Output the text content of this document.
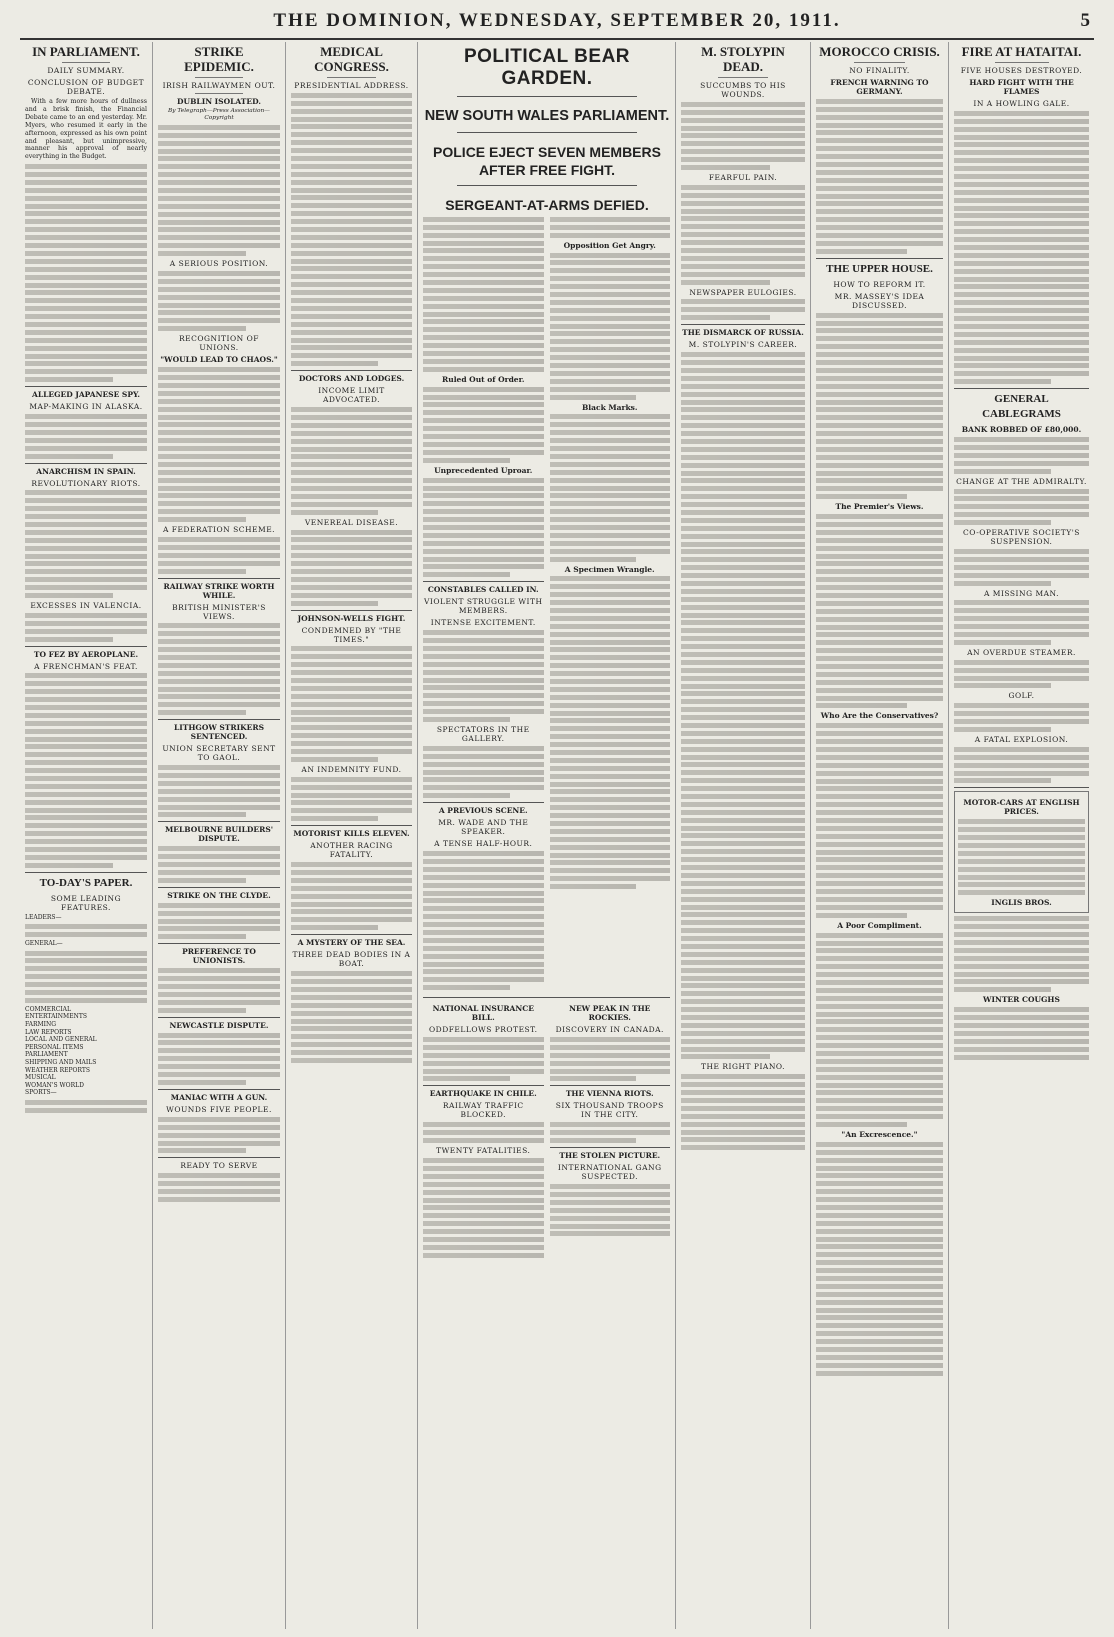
THE DOMINION, WEDNESDAY, SEPTEMBER 20, 1911.	5
IN PARLIAMENT.
DAILY SUMMARY.
CONCLUSION OF BUDGET DEBATE.

With a few more hours of dullness and a brisk finish, the Financial Debate came to an end yesterday. Mr. Myers, who resumed it early in the afternoon, expressed as his own point and pleasant, but unimpressive, manner his approval of nearly everything in the Budget.

ALLEGED JAPANESE SPY.
MAP-MAKING IN ALASKA.
ANARCHISM IN SPAIN.
REVOLUTIONARY RIOTS.
EXCESSES IN VALENCIA.
TO FEZ BY AEROPLANE.
A FRENCHMAN'S FEAT.
TO-DAY'S PAPER.
SOME LEADING FEATURES.
LEADERS—
GENERAL—
COMMERCIAL
ENTERTAINMENTS
FARMING
LAW REPORTS
LOCAL AND GENERAL
PERSONAL ITEMS
PARLIAMENT
SHIPPING AND MAILS
WEATHER REPORTS
MUSICAL
WOMAN'S WORLD
SPORTS—
STRIKE EPIDEMIC.
IRISH RAILWAYMEN OUT.
DUBLIN ISOLATED.
By Telegraph—Press Association—Copyright
A SERIOUS POSITION.
RECOGNITION OF UNIONS.
"WOULD LEAD TO CHAOS."
A FEDERATION SCHEME.
RAILWAY STRIKE WORTH WHILE.
BRITISH MINISTER'S VIEWS.
LITHGOW STRIKERS SENTENCED.
UNION SECRETARY SENT TO GAOL.
MELBOURNE BUILDERS' DISPUTE.
STRIKE ON THE CLYDE.
PREFERENCE TO UNIONISTS.
NEWCASTLE DISPUTE.
MANIAC WITH A GUN.
WOUNDS FIVE PEOPLE.
READY TO SERVE
MEDICAL CONGRESS.
PRESIDENTIAL ADDRESS.
DOCTORS AND LODGES.
INCOME LIMIT ADVOCATED.
VENEREAL DISEASE.
JOHNSON-WELLS FIGHT.
CONDEMNED BY "THE TIMES."
AN INDEMNITY FUND.
MOTORIST KILLS ELEVEN.
ANOTHER RACING FATALITY.
A MYSTERY OF THE SEA.
THREE DEAD BODIES IN A BOAT.
Ruled Out of Order.
Unprecedented Uproar.
CONSTABLES CALLED IN.
VIOLENT STRUGGLE WITH MEMBERS.
INTENSE EXCITEMENT.
SPECTATORS IN THE GALLERY.
A PREVIOUS SCENE.
MR. WADE AND THE SPEAKER.
A TENSE HALF-HOUR.
Opposition Get Angry.
Black Marks.
A Specimen Wrangle.
NATIONAL INSURANCE BILL.
ODDFELLOWS PROTEST.
EARTHQUAKE IN CHILE.
RAILWAY TRAFFIC BLOCKED.
TWENTY FATALITIES.
NEW PEAK IN THE ROCKIES.
DISCOVERY IN CANADA.
THE VIENNA RIOTS.
SIX THOUSAND TROOPS IN THE CITY.
THE STOLEN PICTURE.
INTERNATIONAL GANG SUSPECTED.
POLITICAL BEAR GARDEN.
NEW SOUTH WALES PARLIAMENT.
POLICE EJECT SEVEN MEMBERS AFTER FREE FIGHT.
SERGEANT-AT-ARMS DEFIED.
M. STOLYPIN DEAD.
SUCCUMBS TO HIS WOUNDS.
FEARFUL PAIN.
NEWSPAPER EULOGIES.
THE DISMARCK OF RUSSIA.
M. STOLYPIN'S CAREER.
THE RIGHT PIANO.
MOROCCO CRISIS.
NO FINALITY.
FRENCH WARNING TO GERMANY.
THE UPPER HOUSE.
HOW TO REFORM IT.
MR. MASSEY'S IDEA DISCUSSED.
The Premier's Views.
Who Are the Conservatives?
A Poor Compliment.
"An Excrescence."
FIRE AT HATAITAI.
FIVE HOUSES DESTROYED.
HARD FIGHT WITH THE FLAMES
IN A HOWLING GALE.
GENERAL CABLEGRAMS
BANK ROBBED OF £80,000.
CHANGE AT THE ADMIRALTY.
CO-OPERATIVE SOCIETY'S SUSPENSION.
A MISSING MAN.
AN OVERDUE STEAMER.
GOLF.
A FATAL EXPLOSION.
MOTOR-CARS AT ENGLISH PRICES.
INGLIS BROS.
WINTER COUGHS
